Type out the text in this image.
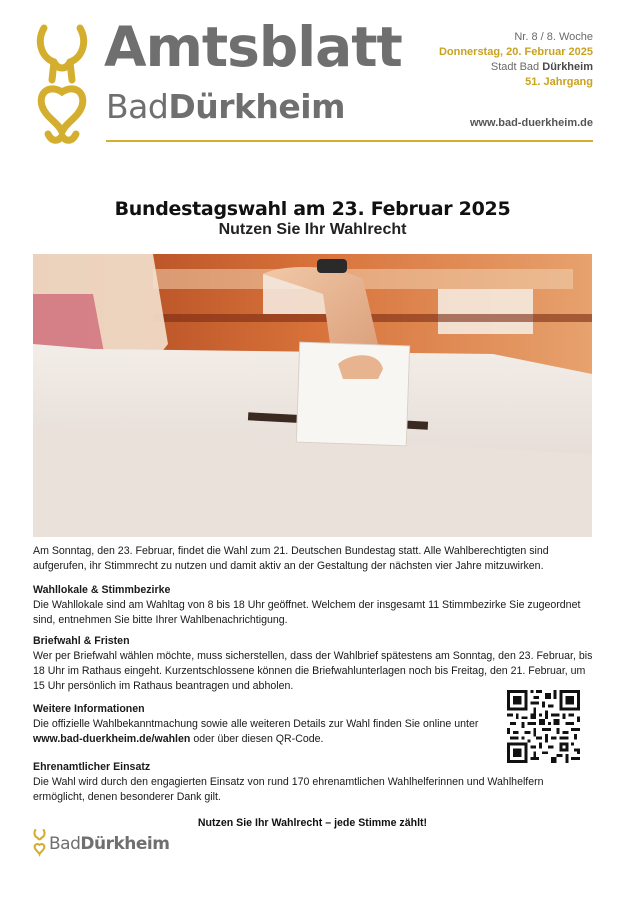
Amtsblatt
BadDürkheim
Nr. 8 / 8. Woche
Donnerstag, 20. Februar 2025
Stadt Bad Dürkheim
51. Jahrgang
www.bad-duerkheim.de
Bundestagswahl am 23. Februar 2025
Nutzen Sie Ihr Wahlrecht

Am Sonntag, den 23. Februar, findet die Wahl zum 21. Deutschen Bundestag statt. Alle Wahlberechtigten sind aufgerufen, ihr Stimmrecht zu nutzen und damit aktiv an der Gestaltung der nächsten vier Jahre mitzuwirken.

Wahllokale & Stimmbezirke

Die Wahllokale sind am Wahltag von 8 bis 18 Uhr geöffnet. Welchem der insgesamt 11 Stimmbezirke Sie zugeordnet sind, entnehmen Sie bitte Ihrer Wahlbenachrichtigung.

Briefwahl & Fristen

Wer per Briefwahl wählen möchte, muss sicherstellen, dass der Wahlbrief spätestens am Sonntag, den 23. Februar, bis 18 Uhr im Rathaus eingeht. Kurzentschlossene können die Briefwahlunterlagen noch bis Freitag, den 21. Februar, um 15 Uhr persönlich im Rathaus beantragen und abholen.

Weitere Informationen

Die offizielle Wahlbekanntmachung sowie alle weiteren Details zur Wahl finden Sie online unter www.bad-duerkheim.de/wahlen oder über diesen QR-Code.

Ehrenamtlicher Einsatz

Die Wahl wird durch den engagierten Einsatz von rund 170 ehrenamtlichen Wahlhelferinnen und Wahlhelfern ermöglicht, denen besonderer Dank gilt.

Nutzen Sie Ihr Wahlrecht – jede Stimme zählt!
BadDürkheim
